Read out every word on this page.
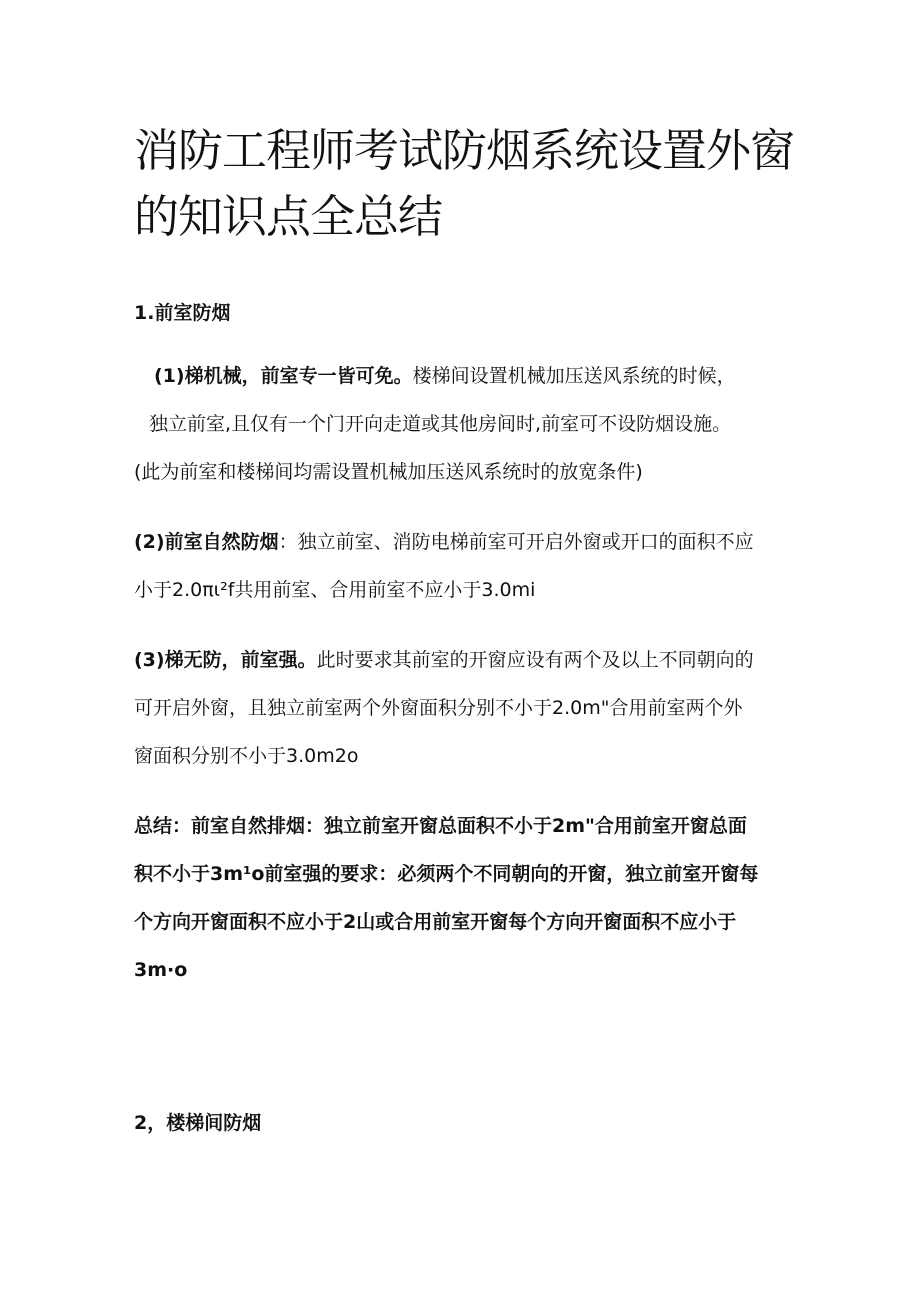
消防工程师考试防烟系统设置外窗
的知识点全总结
1.前室防烟
(1)梯机械，前室专一皆可免。楼梯间设置机械加压送风系统的时候，
独立前室,且仅有一个门开向走道或其他房间时,前室可不设防烟设施。
(此为前室和楼梯间均需设置机械加压送风系统时的放宽条件)
(2)前室自然防烟：独立前室、消防电梯前室可开启外窗或开口的面积不应
小于2.0πι²f共用前室、合用前室不应小于3.0mi
(3)梯无防，前室强。此时要求其前室的开窗应设有两个及以上不同朝向的
可开启外窗，且独立前室两个外窗面积分别不小于2.0m"合用前室两个外
窗面积分别不小于3.0m2o
总结：前室自然排烟：独立前室开窗总面积不小于2m"合用前室开窗总面
积不小于3m¹o前室强的要求：必须两个不同朝向的开窗，独立前室开窗每
个方向开窗面积不应小于2山或合用前室开窗每个方向开窗面积不应小于
3m·o
2，楼梯间防烟
